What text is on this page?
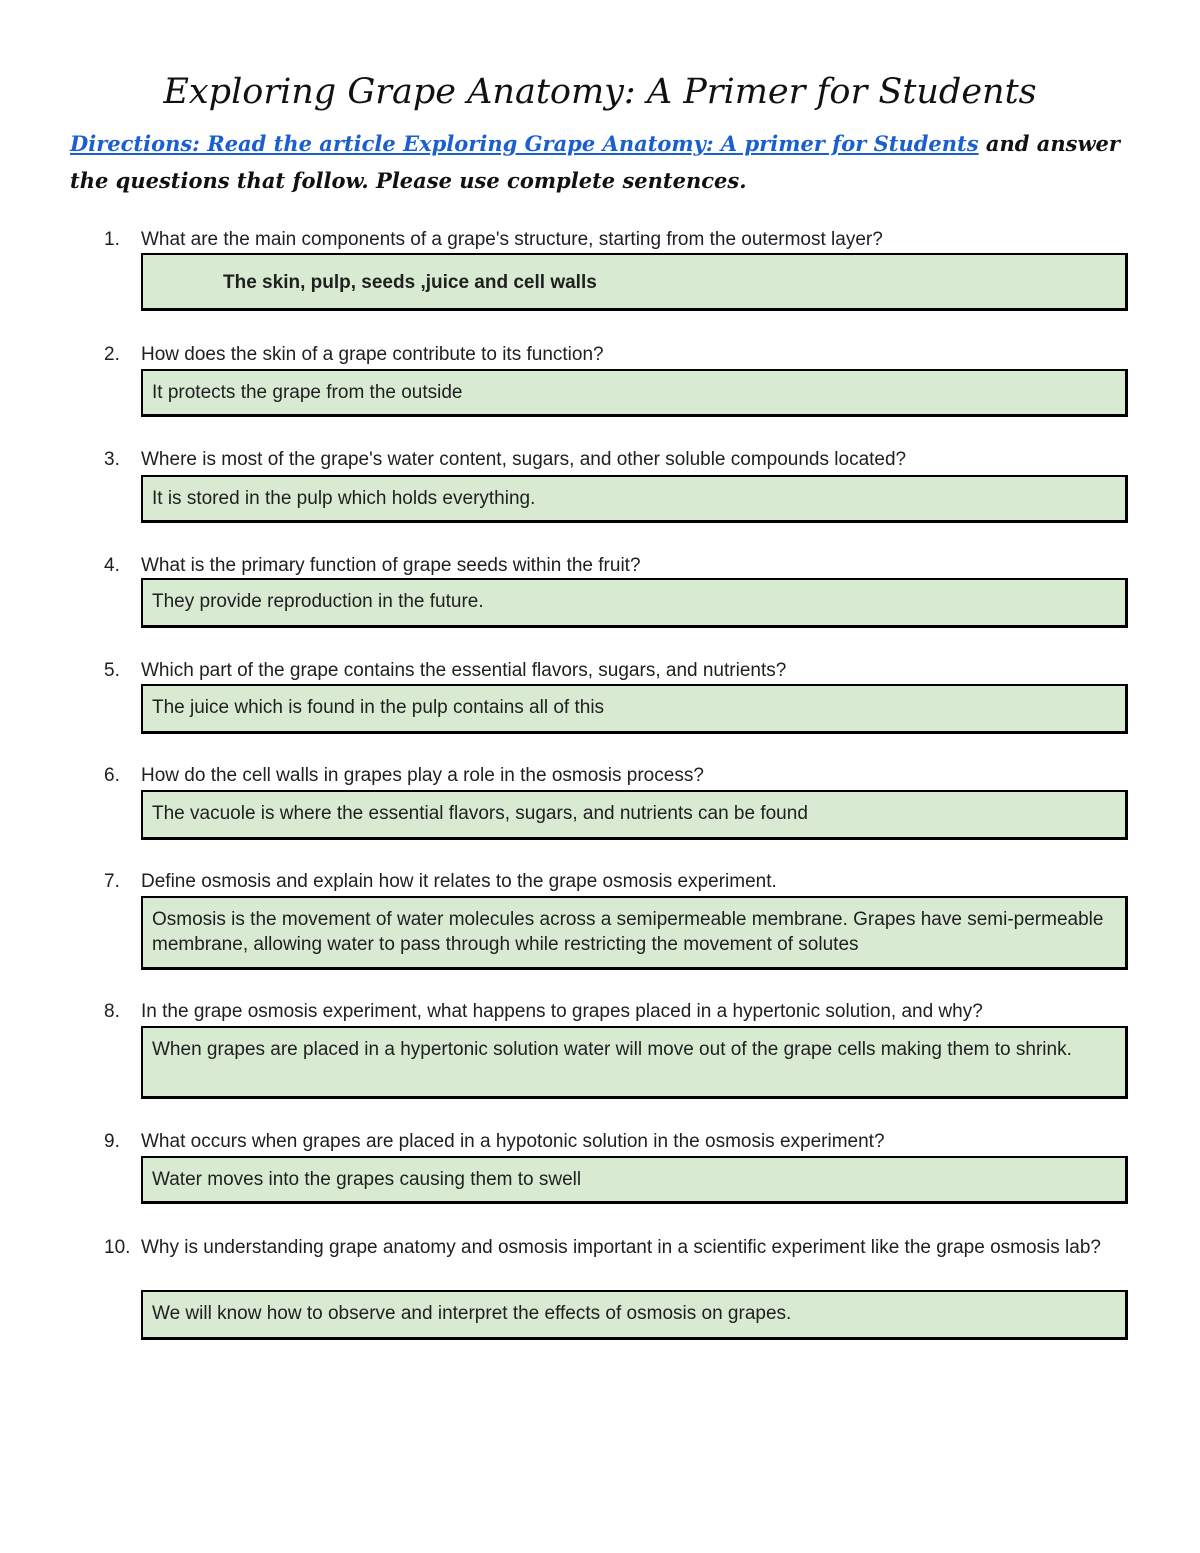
Exploring Grape Anatomy: A Primer for Students
Directions: Read the article Exploring Grape Anatomy: A primer for Students and answer the questions that follow. Please use complete sentences.
1.	What are the main components of a grape's structure, starting from the outermost layer?
The skin, pulp, seeds ,juice and cell walls
2.	How does the skin of a grape contribute to its function?
It protects the grape from the outside
3.	Where is most of the grape's water content, sugars, and other soluble compounds located?
It is stored in the pulp which holds everything.
4.	What is the primary function of grape seeds within the fruit?
They provide reproduction in the future.
5.	Which part of the grape contains the essential flavors, sugars, and nutrients?
The juice which is found in the pulp contains all of this
6.	How do the cell walls in grapes play a role in the osmosis process?
The vacuole is where the essential flavors, sugars, and nutrients can be found
7.	Define osmosis and explain how it relates to the grape osmosis experiment.
Osmosis is the movement of water molecules across a semipermeable membrane. Grapes have semi-permeable membrane, allowing water to pass through while restricting the movement of solutes
8.	In the grape osmosis experiment, what happens to grapes placed in a hypertonic solution, and why?
When grapes are placed in a hypertonic solution water will move out of the grape cells making them to shrink.
9.	What occurs when grapes are placed in a hypotonic solution in the osmosis experiment?
Water moves into the grapes causing them to swell
10. Why is understanding grape anatomy and osmosis important in a scientific experiment like the grape osmosis lab?
We will know how to observe and interpret the effects of osmosis on grapes.
